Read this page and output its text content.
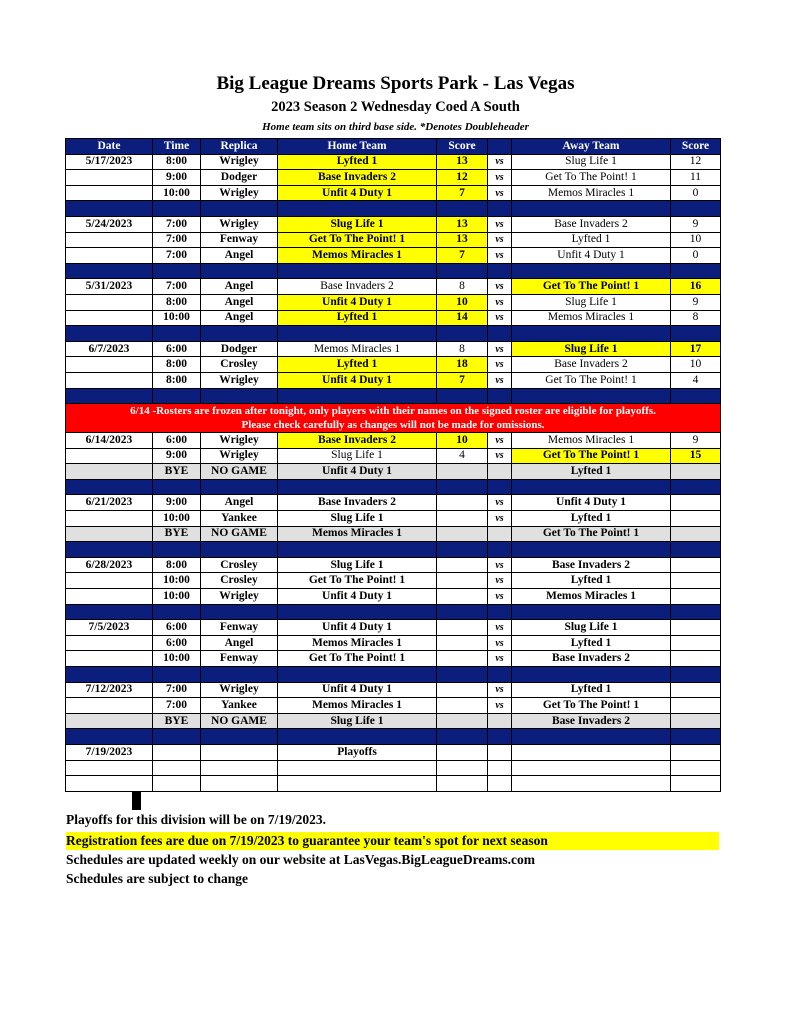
Big League Dreams Sports Park - Las Vegas
2023 Season 2 Wednesday Coed A South
Home team sits on third base side. *Denotes Doubleheader
Date	Time	Replica	Home Team	Score		Away Team	Score
5/17/2023	8:00	Wrigley	Lyfted 1	13	vs	Slug Life 1	12
	9:00	Dodger	Base Invaders 2	12	vs	Get To The Point! 1	11
	10:00	Wrigley	Unfit 4 Duty 1	7	vs	Memos Miracles 1	0

5/24/2023	7:00	Wrigley	Slug Life 1	13	vs	Base Invaders 2	9
	7:00	Fenway	Get To The Point! 1	13	vs	Lyfted 1	10
	7:00	Angel	Memos Miracles 1	7	vs	Unfit 4 Duty 1	0

5/31/2023	7:00	Angel	Base Invaders 2	8	vs	Get To The Point! 1	16
	8:00	Angel	Unfit 4 Duty 1	10	vs	Slug Life 1	9
	10:00	Angel	Lyfted 1	14	vs	Memos Miracles 1	8

6/7/2023	6:00	Dodger	Memos Miracles 1	8	vs	Slug Life 1	17
	8:00	Crosley	Lyfted 1	18	vs	Base Invaders 2	10
	8:00	Wrigley	Unfit 4 Duty 1	7	vs	Get To The Point! 1	4

6/14 -Rosters are frozen after tonight, only players with their names on the signed roster are eligible for playoffs.
Please check carefully as changes will not be made for omissions.

6/14/2023	6:00	Wrigley	Base Invaders 2	10	vs	Memos Miracles 1	9
	9:00	Wrigley	Slug Life 1	4	vs	Get To The Point! 1	15
	BYE	NO GAME	Unfit 4 Duty 1			Lyfted 1	

6/21/2023	9:00	Angel	Base Invaders 2		vs	Unfit 4 Duty 1	
	10:00	Yankee	Slug Life 1		vs	Lyfted 1	
	BYE	NO GAME	Memos Miracles 1			Get To The Point! 1	

6/28/2023	8:00	Crosley	Slug Life 1		vs	Base Invaders 2	
	10:00	Crosley	Get To The Point! 1		vs	Lyfted 1	
	10:00	Wrigley	Unfit 4 Duty 1		vs	Memos Miracles 1	

7/5/2023	6:00	Fenway	Unfit 4 Duty 1		vs	Slug Life 1	
	6:00	Angel	Memos Miracles 1		vs	Lyfted 1	
	10:00	Fenway	Get To The Point! 1		vs	Base Invaders 2	

7/12/2023	7:00	Wrigley	Unfit 4 Duty 1		vs	Lyfted 1	
	7:00	Yankee	Memos Miracles 1		vs	Get To The Point! 1	
	BYE	NO GAME	Slug Life 1			Base Invaders 2	

7/19/2023			Playoffs				

Playoffs for this division will be on 7/19/2023.
Registration fees are due on 7/19/2023 to guarantee your team's spot for next season
Schedules are updated weekly on our website at LasVegas.BigLeagueDreams.com
Schedules are subject to change
